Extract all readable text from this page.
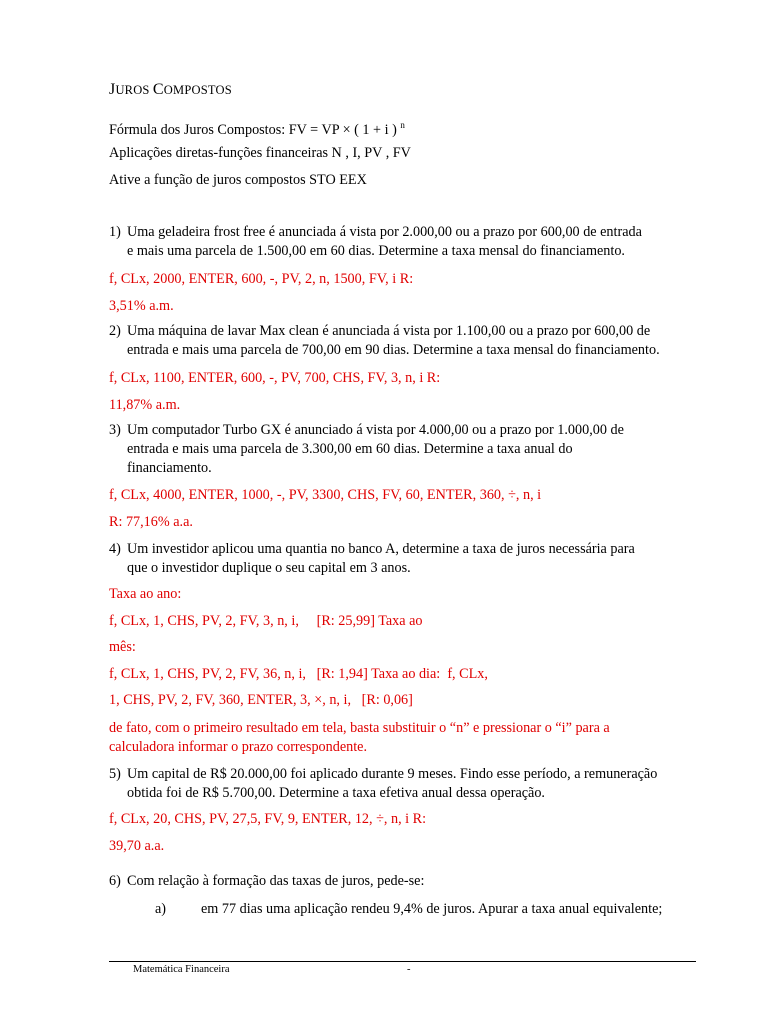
JUROS COMPOSTOS
Fórmula dos Juros Compostos: FV = VP × ( 1 + i ) $^n$
Aplicações diretas-funções financeiras N , I, PV , FV
Ative a função de juros compostos STO EEX
1) Uma geladeira frost free é anunciada á vista por 2.000,00 ou a prazo por 600,00 de entrada
e mais uma parcela de 1.500,00 em 60 dias. Determine a taxa mensal do financiamento.
f, CLx, 2000, ENTER, 600, -, PV, 2, n, 1500, FV, i R:
3,51% a.m.
2) Uma máquina de lavar Max clean é anunciada á vista por 1.100,00 ou a prazo por 600,00 de
entrada e mais uma parcela de 700,00 em 90 dias. Determine a taxa mensal do financiamento.
f, CLx, 1100, ENTER, 600, -, PV, 700, CHS, FV, 3, n, i R:
11,87% a.m.
3) Um computador Turbo GX é anunciado á vista por 4.000,00 ou a prazo por 1.000,00 de
entrada e mais uma parcela de 3.300,00 em 60 dias. Determine a taxa anual do
financiamento.
f, CLx, 4000, ENTER, 1000, -, PV, 3300, CHS, FV, 60, ENTER, 360, ÷, n, i
R: 77,16% a.a.
4) Um investidor aplicou uma quantia no banco A, determine a taxa de juros necessária para
que o investidor duplique o seu capital em 3 anos.
Taxa ao ano:
f, CLx, 1, CHS, PV, 2, FV, 3, n, i,     [R: 25,99] Taxa ao
mês:
f, CLx, 1, CHS, PV, 2, FV, 36, n, i,   [R: 1,94] Taxa ao dia:  f, CLx,
1, CHS, PV, 2, FV, 360, ENTER, 3, ×, n, i,   [R: 0,06]
de fato, com o primeiro resultado em tela, basta substituir o “n” e pressionar o “i” para a
calculadora informar o prazo correspondente.
5) Um capital de R$ 20.000,00 foi aplicado durante 9 meses. Findo esse período, a remuneração
obtida foi de R$ 5.700,00. Determine a taxa efetiva anual dessa operação.
f, CLx, 20, CHS, PV, 27,5, FV, 9, ENTER, 12, ÷, n, i R:
39,70 a.a.
6) Com relação à formação das taxas de juros, pede-se:
a) em 77 dias uma aplicação rendeu 9,4% de juros. Apurar a taxa anual equivalente;
Matemática Financeira	-
